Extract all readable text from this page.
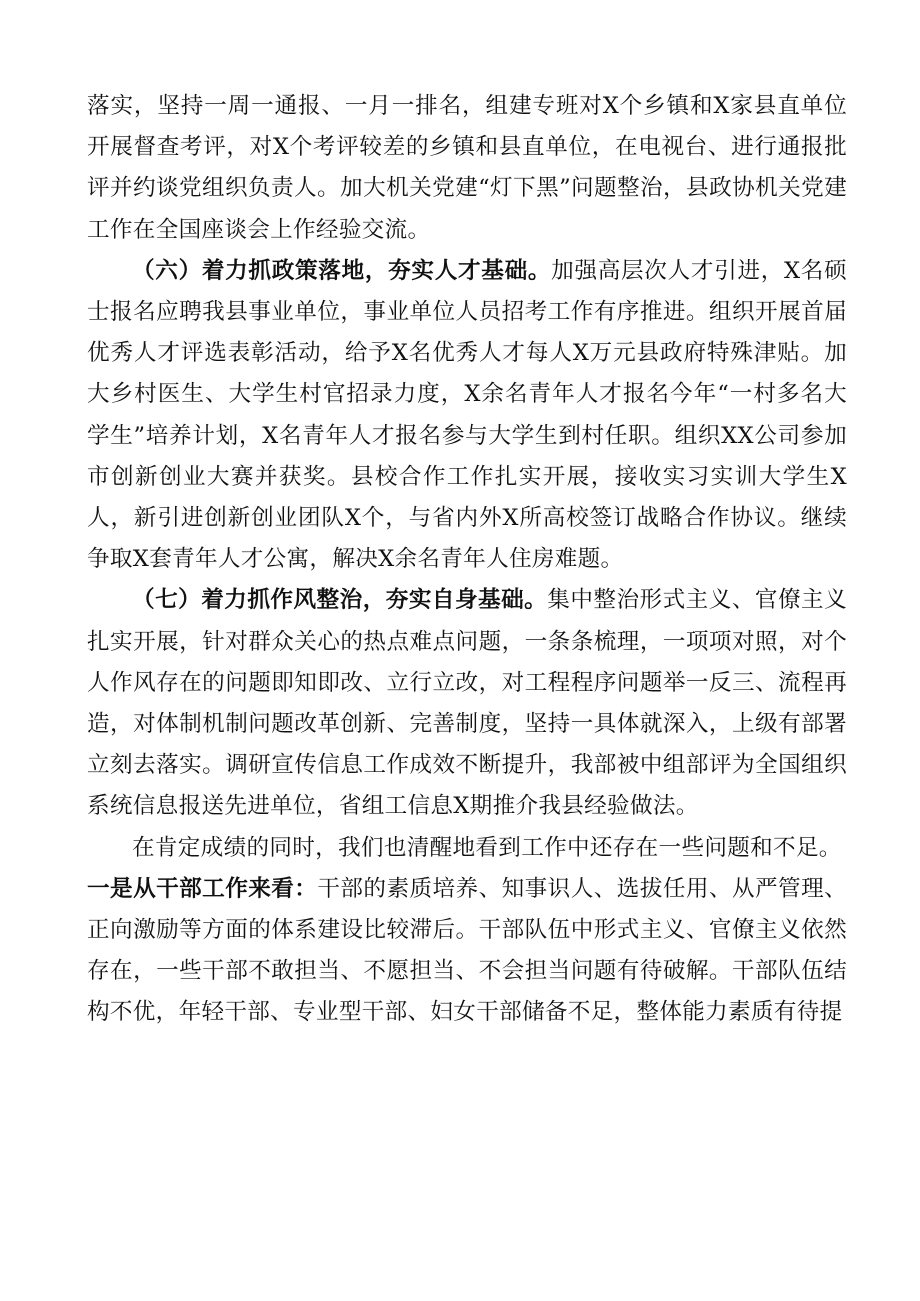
落实，坚持一周一通报、一月一排名，组建专班对X个乡镇和X家县直单位开展督查考评，对X个考评较差的乡镇和县直单位，在电视台、进行通报批评并约谈党组织负责人。加大机关党建“灯下黑”问题整治，县政协机关党建工作在全国座谈会上作经验交流。

（六）着力抓政策落地，夯实人才基础。加强高层次人才引进，X名硕士报名应聘我县事业单位，事业单位人员招考工作有序推进。组织开展首届优秀人才评选表彰活动，给予X名优秀人才每人X万元县政府特殊津贴。加大乡村医生、大学生村官招录力度，X余名青年人才报名今年“一村多名大学生”培养计划，X名青年人才报名参与大学生到村任职。组织XX公司参加市创新创业大赛并获奖。县校合作工作扎实开展，接收实习实训大学生X人，新引进创新创业团队X个，与省内外X所高校签订战略合作协议。继续争取X套青年人才公寓，解决X余名青年人住房难题。

（七）着力抓作风整治，夯实自身基础。集中整治形式主义、官僚主义扎实开展，针对群众关心的热点难点问题，一条条梳理，一项项对照，对个人作风存在的问题即知即改、立行立改，对工程程序问题举一反三、流程再造，对体制机制问题改革创新、完善制度，坚持一具体就深入，上级有部署立刻去落实。调研宣传信息工作成效不断提升，我部被中组部评为全国组织系统信息报送先进单位，省组工信息X期推介我县经验做法。

在肯定成绩的同时，我们也清醒地看到工作中还存在一些问题和不足。

一是从干部工作来看：干部的素质培养、知事识人、选拔任用、从严管理、正向激励等方面的体系建设比较滞后。干部队伍中形式主义、官僚主义依然存在，一些干部不敢担当、不愿担当、不会担当问题有待破解。干部队伍结构不优，年轻干部、专业型干部、妇女干部储备不足，整体能力素质有待提
